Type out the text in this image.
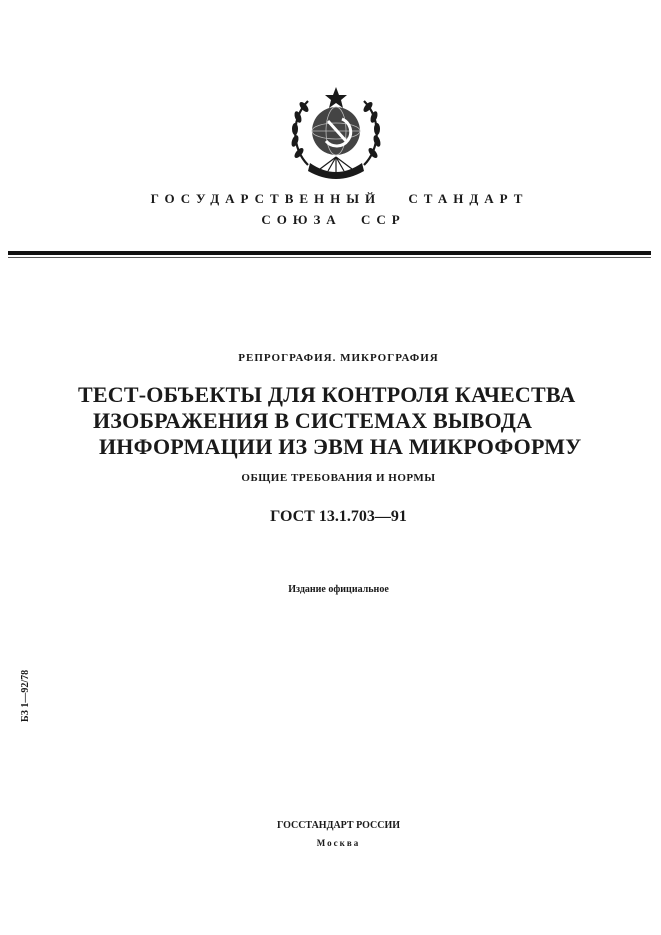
ГОСУДАРСТВЕННЫЙ СТАНДАРТ
СОЮЗА ССР
РЕПРОГРАФИЯ. МИКРОГРАФИЯ
ТЕСТ-ОБЪЕКТЫ ДЛЯ КОНТРОЛЯ КАЧЕСТВА
ИЗОБРАЖЕНИЯ В СИСТЕМАХ ВЫВОДА
ИНФОРМАЦИИ ИЗ ЭВМ НА МИКРОФОРМУ
ОБЩИЕ ТРЕБОВАНИЯ И НОРМЫ
ГОСТ 13.1.703—91
Издание официальное
БЗ 1—92/78
ГОССТАНДАРТ РОССИИ
Москва
